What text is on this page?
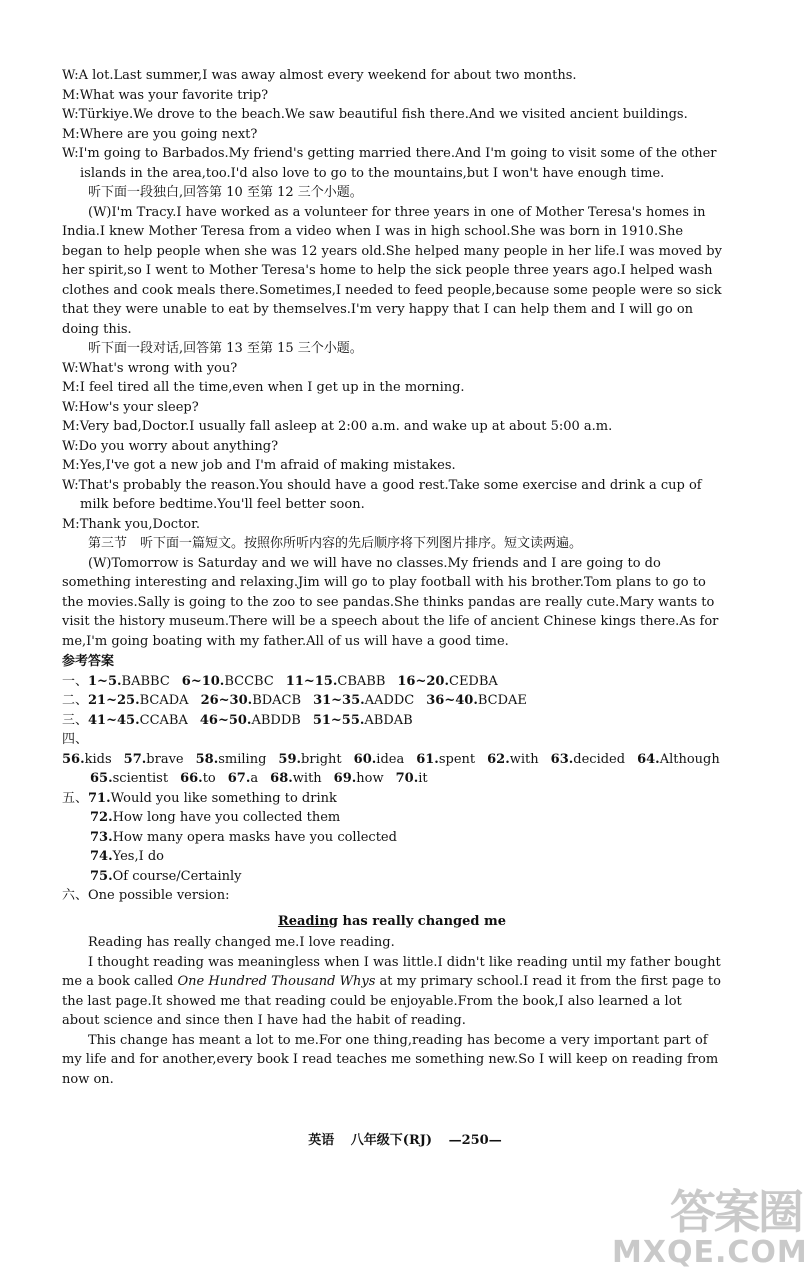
W:A lot.Last summer,I was away almost every weekend for about two months.

M:What was your favorite trip?

W:Türkiye.We drove to the beach.We saw beautiful fish there.And we visited ancient buildings.

M:Where are you going next?

W:I'm going to Barbados.My friend's getting married there.And I'm going to visit some of the other islands in the area,too.I'd also love to go to the mountains,but I won't have enough time.

听下面一段独白,回答第 10 至第 12 三个小题。

(W)I'm Tracy.I have worked as a volunteer for three years in one of Mother Teresa's homes in India.I knew Mother Teresa from a video when I was in high school.She was born in 1910.She began to help people when she was 12 years old.She helped many people in her life.I was moved by her spirit,so I went to Mother Teresa's home to help the sick people three years ago.I helped wash clothes and cook meals there.Sometimes,I needed to feed people,because some people were so sick that they were unable to eat by themselves.I'm very happy that I can help them and I will go on doing this.

听下面一段对话,回答第 13 至第 15 三个小题。

W:What's wrong with you?

M:I feel tired all the time,even when I get up in the morning.

W:How's your sleep?

M:Very bad,Doctor.I usually fall asleep at 2:00 a.m. and wake up at about 5:00 a.m.

W:Do you worry about anything?

M:Yes,I've got a new job and I'm afraid of making mistakes.

W:That's probably the reason.You should have a good rest.Take some exercise and drink a cup of milk before bedtime.You'll feel better soon.

M:Thank you,Doctor.

第三节　听下面一篇短文。按照你所听内容的先后顺序将下列图片排序。短文读两遍。

(W)Tomorrow is Saturday and we will have no classes.My friends and I are going to do something interesting and relaxing.Jim will go to play football with his brother.Tom plans to go to the movies.Sally is going to the zoo to see pandas.She thinks pandas are really cute.Mary wants to visit the history museum.There will be a speech about the life of ancient Chinese kings there.As for me,I'm going boating with my father.All of us will have a good time.

参考答案

一、1~5.BABBC 6~10.BCCBC 11~15.CBABB 16~20.CEDBA

二、21~25.BCADA 26~30.BDACB 31~35.AADDC 36~40.BCDAE

三、41~45.CCABA 46~50.ABDDB 51~55.ABDAB

四、56.kids 57.brave 58.smiling 59.bright 60.idea 61.spent 62.with 63.decided 64.Although

65.scientist 66.to 67.a 68.with 69.how 70.it

五、71.Would you like something to drink

72.How long have you collected them

73.How many opera masks have you collected

74.Yes,I do

75.Of course/Certainly

六、One possible version:

Reading has really changed me

Reading has really changed me.I love reading.

I thought reading was meaningless when I was little.I didn't like reading until my father bought me a book called One Hundred Thousand Whys at my primary school.I read it from the first page to the last page.It showed me that reading could be enjoyable.From the book,I also learned a lot about science and since then I have had the habit of reading.

This change has meant a lot to me.For one thing,reading has become a very important part of my life and for another,every book I read teaches me something new.So I will keep on reading from now on.

英语 八年级下(RJ) —250—
答案圈
MXQE.COM
